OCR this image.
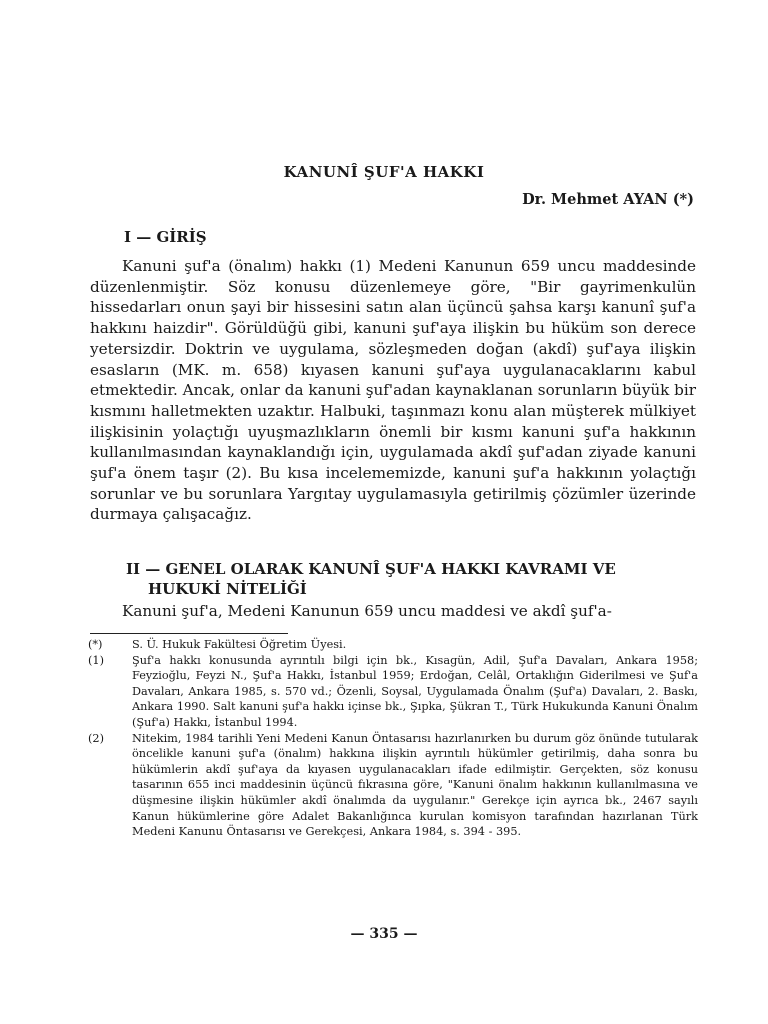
KANUNÎ ŞUF'A HAKKI
Dr. Mehmet AYAN (*)
I — GİRİŞ

Kanuni şuf'a (önalım) hakkı (1) Medeni Kanunun 659 uncu maddesinde düzenlenmiştir. Söz konusu düzenlemeye göre, "Bir gayrimenkulün hissedarları onun şayi bir hissesini satın alan üçüncü şahsa karşı kanunî şuf'a hakkını haizdir". Görüldüğü gibi, kanuni şuf'aya ilişkin bu hüküm son derece yetersizdir. Doktrin ve uygulama, sözleşmeden doğan (akdî) şuf'aya ilişkin esasların (MK. m. 658) kıyasen kanuni şuf'aya uygulanacaklarını kabul etmektedir. Ancak, onlar da kanuni şuf'adan kaynaklanan sorunların büyük bir kısmını halletmekten uzaktır. Halbuki, taşınmazı konu alan müşterek mülkiyet ilişkisinin yolaçtığı uyuşmazlıkların önemli bir kısmı kanuni şuf'a hakkının kullanılmasından kaynaklandığı için, uygulamada akdî şuf'adan ziyade kanuni şuf'a önem taşır (2). Bu kısa incelememizde, kanuni şuf'a hakkının yolaçtığı sorunlar ve bu sorunlara Yargıtay uygulamasıyla getirilmiş çözümler üzerinde durmaya çalışacağız.

II — GENEL OLARAK KANUNÎ ŞUF'A HAKKI KAVRAMI VE
HUKUKİ NİTELİĞİ

Kanuni şuf'a, Medeni Kanunun 659 uncu maddesi ve akdî şuf'a-

(*)	S. Ü. Hukuk Fakültesi Öğretim Üyesi.
(1)	Şuf'a hakkı konusunda ayrıntılı bilgi için bk., Kısagün, Adil, Şuf'a Davaları, Ankara 1958; Feyzioğlu, Feyzi N., Şuf'a Hakkı, İstanbul 1959; Erdoğan, Celâl, Ortaklığın Giderilmesi ve Şuf'a Davaları, Ankara 1985, s. 570 vd.; Özenli, Soysal, Uygulamada Önalım (Şuf'a) Davaları, 2. Baskı, Ankara 1990. Salt kanuni şuf'a hakkı içinse bk., Şıpka, Şükran T., Türk Hukukunda Kanuni Önalım (Şuf'a) Hakkı, İstanbul 1994.
(2)	Nitekim, 1984 tarihli Yeni Medeni Kanun Öntasarısı hazırlanırken bu durum göz önünde tutularak öncelikle kanuni şuf'a (önalım) hakkına ilişkin ayrıntılı hükümler getirilmiş, daha sonra bu hükümlerin akdî şuf'aya da kıyasen uygulanacakları ifade edilmiştir. Gerçekten, söz konusu tasarının 655 inci maddesinin üçüncü fıkrasına göre, "Kanuni önalım hakkının kullanılmasına ve düşmesine ilişkin hükümler akdî önalımda da uygulanır." Gerekçe için ayrıca bk., 2467 sayılı Kanun hükümlerine göre Adalet Bakanlığınca kurulan komisyon tarafından hazırlanan Türk Medeni Kanunu Öntasarısı ve Gerekçesi, Ankara 1984, s. 394 - 395.
— 335 —
